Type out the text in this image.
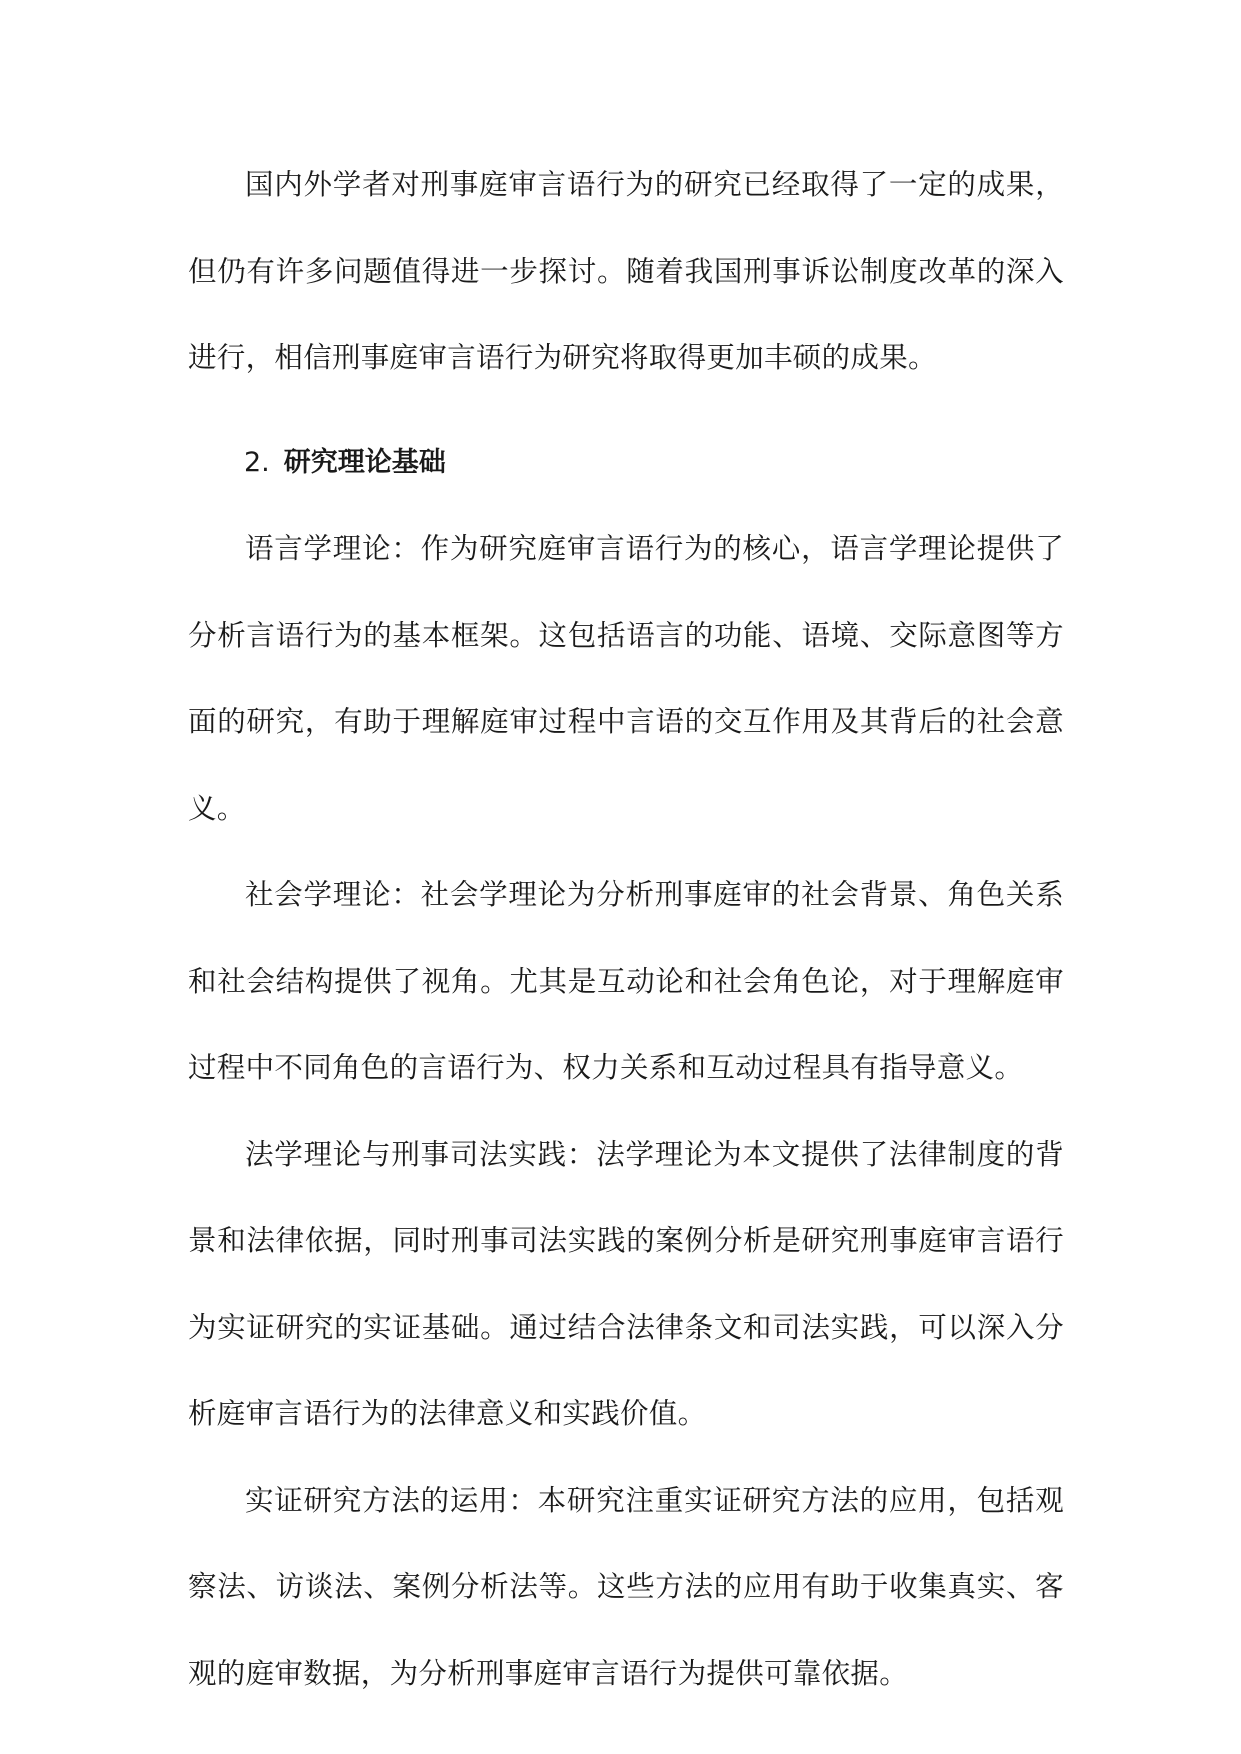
国内外学者对刑事庭审言语行为的研究已经取得了一定的成果，但仍有许多问题值得进一步探讨。随着我国刑事诉讼制度改革的深入进行，相信刑事庭审言语行为研究将取得更加丰硕的成果。

2. 研究理论基础

语言学理论：作为研究庭审言语行为的核心，语言学理论提供了分析言语行为的基本框架。这包括语言的功能、语境、交际意图等方面的研究，有助于理解庭审过程中言语的交互作用及其背后的社会意义。

社会学理论：社会学理论为分析刑事庭审的社会背景、角色关系和社会结构提供了视角。尤其是互动论和社会角色论，对于理解庭审过程中不同角色的言语行为、权力关系和互动过程具有指导意义。

法学理论与刑事司法实践：法学理论为本文提供了法律制度的背景和法律依据，同时刑事司法实践的案例分析是研究刑事庭审言语行为实证研究的实证基础。通过结合法律条文和司法实践，可以深入分析庭审言语行为的法律意义和实践价值。

实证研究方法的运用：本研究注重实证研究方法的应用，包括观察法、访谈法、案例分析法等。这些方法的应用有助于收集真实、客观的庭审数据，为分析刑事庭审言语行为提供可靠依据。
